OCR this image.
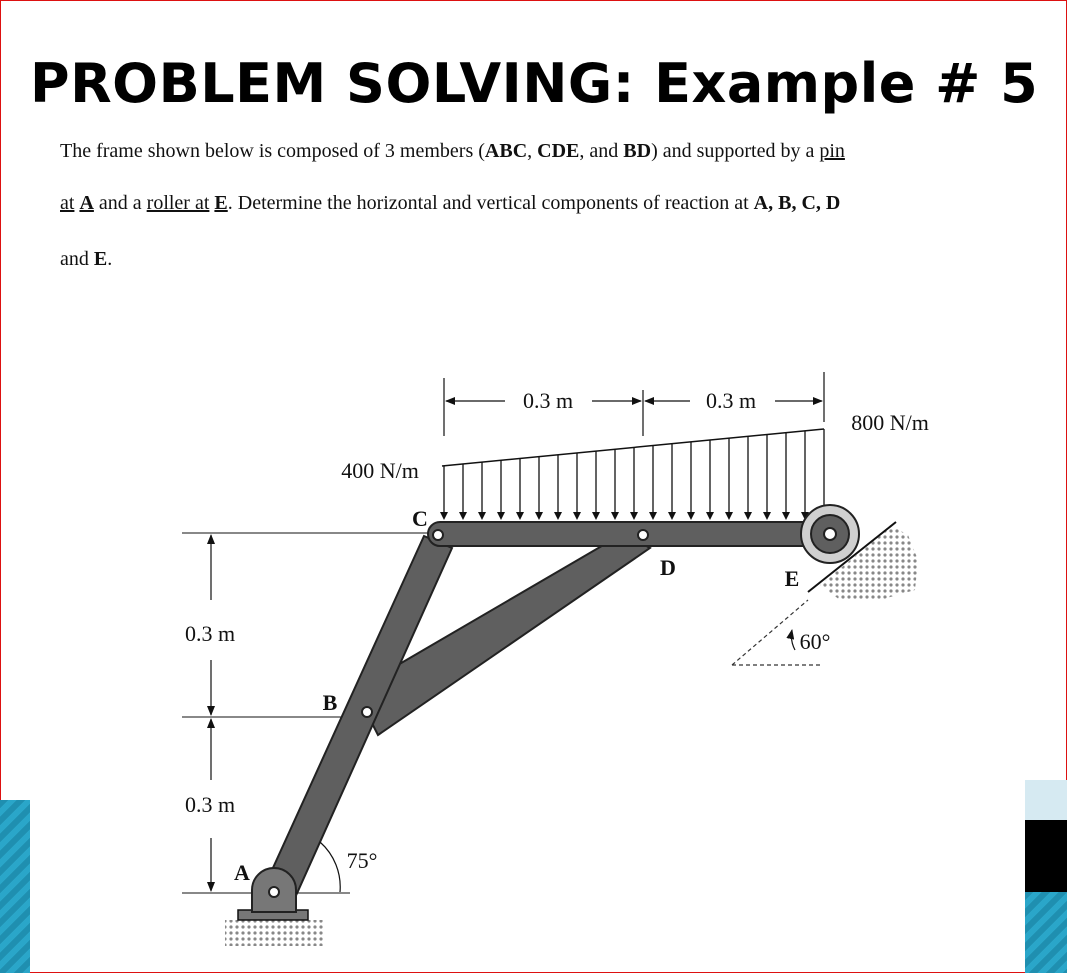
PROBLEM SOLVING: Example # 5
The frame shown below is composed of 3 members (ABC, CDE, and BD) and supported by a pin
at A and a roller at E. Determine the horizontal and vertical components of reaction at A, B, C, D
and E.
0.3 m	0.3 m
400 N/m
800 N/m
0.3 m
0.3 m
60°
75°
A
B
C
D	E
